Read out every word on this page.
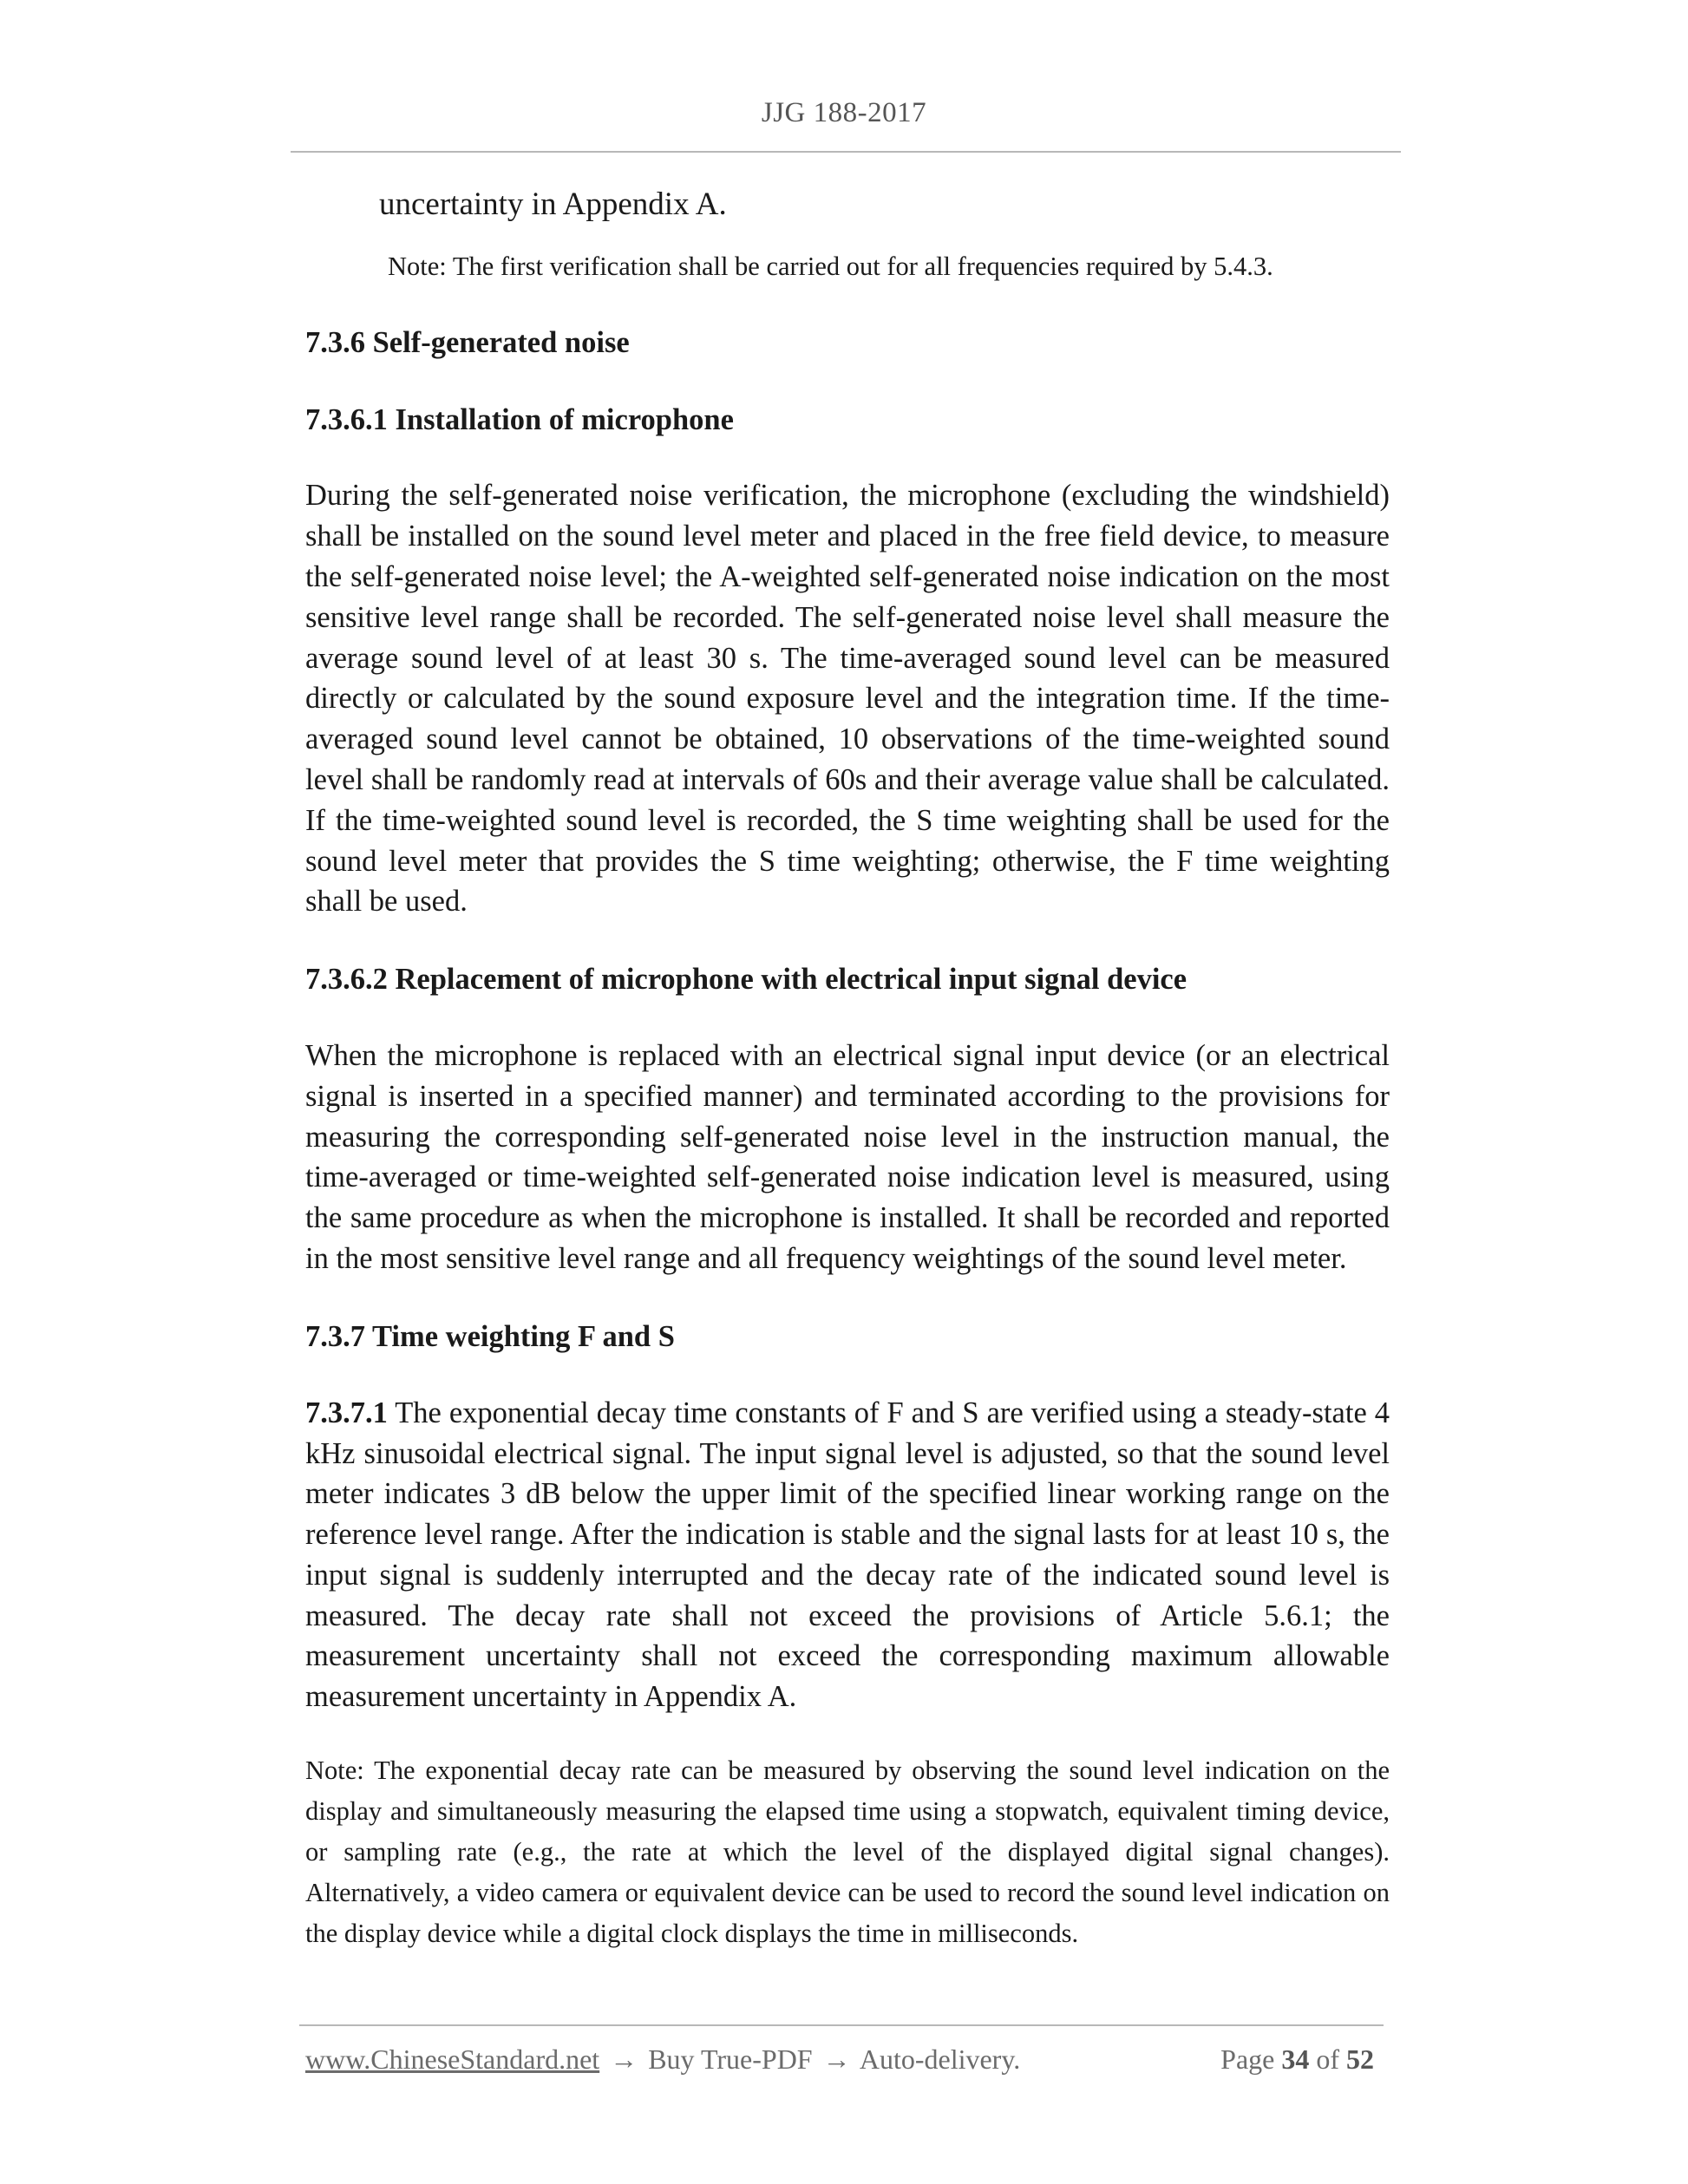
JJG 188-2017

uncertainty in Appendix A.

Note: The first verification shall be carried out for all frequencies required by 5.4.3.

7.3.6 Self-generated noise
7.3.6.1 Installation of microphone

During the self-generated noise verification, the microphone (excluding the windshield) shall be installed on the sound level meter and placed in the free field device, to measure the self-generated noise level; the A-weighted self-generated noise indication on the most sensitive level range shall be recorded. The self-generated noise level shall measure the average sound level of at least 30 s. The time-averaged sound level can be measured directly or calculated by the sound exposure level and the integration time. If the time-averaged sound level cannot be obtained, 10 observations of the time-weighted sound level shall be randomly read at intervals of 60s and their average value shall be calculated. If the time-weighted sound level is recorded, the S time weighting shall be used for the sound level meter that provides the S time weighting; otherwise, the F time weighting shall be used.

7.3.6.2 Replacement of microphone with electrical input signal device

When the microphone is replaced with an electrical signal input device (or an electrical signal is inserted in a specified manner) and terminated according to the provisions for measuring the corresponding self-generated noise level in the instruction manual, the time-averaged or time-weighted self-generated noise indication level is measured, using the same procedure as when the microphone is installed. It shall be recorded and reported in the most sensitive level range and all frequency weightings of the sound level meter.

7.3.7 Time weighting F and S

7.3.7.1 The exponential decay time constants of F and S are verified using a steady-state 4 kHz sinusoidal electrical signal. The input signal level is adjusted, so that the sound level meter indicates 3 dB below the upper limit of the specified linear working range on the reference level range. After the indication is stable and the signal lasts for at least 10 s, the input signal is suddenly interrupted and the decay rate of the indicated sound level is measured. The decay rate shall not exceed the provisions of Article 5.6.1; the measurement uncertainty shall not exceed the corresponding maximum allowable measurement uncertainty in Appendix A.

Note: The exponential decay rate can be measured by observing the sound level indication on the display and simultaneously measuring the elapsed time using a stopwatch, equivalent timing device, or sampling rate (e.g., the rate at which the level of the displayed digital signal changes). Alternatively, a video camera or equivalent device can be used to record the sound level indication on the display device while a digital clock displays the time in milliseconds.

www.ChineseStandard.net → Buy True-PDF → Auto-delivery.	Page 34 of 52
